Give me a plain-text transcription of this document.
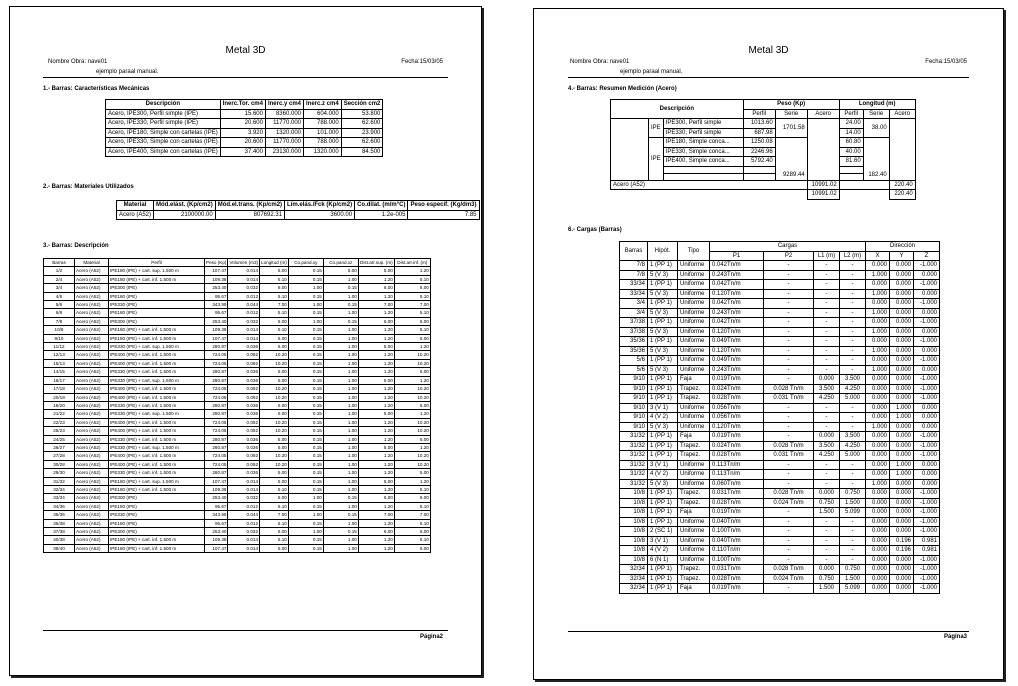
Metal 3D
Nombre Obra: nave01	Fecha:15/03/05
ejemplo paraal manual.
1.- Barras: Características Mecánicas
Descripción	Inerc.Tor. cm4	Inerc.y cm4	Inerc.z cm4	Sección cm2
Acero, IPE300, Perfil simple (IPE)	15.600	8360.000	604.000	53.800
Acero, IPE330, Perfil simple (IPE)	20.600	11770.000	788.000	62.600
Acero, IPE180, Simple con cartelas (IPE)	3.920	1320.000	101.000	23.900
Acero, IPE330, Simple con cartelas (IPE)	20.600	11770.000	788.000	62.600
Acero, IPE400, Simple con cartelas (IPE)	37.400	23130.000	1320.000	84.500
2.- Barras: Materiales Utilizados
Material	Mód.elást. (Kp/cm2)	Mód.el.trans. (Kp/cm2)	Lím.elás./Fck (Kp/cm2)	Co.dilat. (m/m°C)	Peso específ. (Kg/dm3)
Acero (A52)	2100000.00	807692.31	3600.00	1.2e-005	7.85
3.- Barras: Descripción
Barras	Material	Perfil	Peso (Kp)	Volumen (m3)	Longitud (m)	Co.pand.xy	Co.pand.xz	Dist.arr.sup. (m)	Dist.arr.inf. (m)
1/2	Acero (A52)	IPE180 (IPE) + cart. sup. 1.500 m	107.47	0.014	5.00	0.15	5.00	5.00	1.20
2/4	Acero (A52)	IPE180 (IPE) + cart. inf. 1.500 m	109.38	0.014	5.10	0.15	1.00	1.20	5.10
3/4	Acero (A52)	IPE300 (IPE)	253.40	0.032	6.00	1.00	0.15	6.00	6.00
4/6	Acero (A52)	IPE180 (IPE)	95.67	0.012	5.10	0.15	1.00	1.20	5.10
5/6	Acero (A52)	IPE330 (IPE)	343.99	0.044	7.00	1.00	0.15	7.00	7.00
6/8	Acero (A52)	IPE180 (IPE)	95.67	0.012	5.10	0.15	1.00	1.20	5.10
7/8	Acero (A52)	IPE300 (IPE)	253.40	0.032	6.00	1.00	0.15	6.00	6.00
10/8	Acero (A52)	IPE180 (IPE) + cart. inf. 1.500 m	109.38	0.014	5.10	0.15	1.00	1.20	5.10
9/10	Acero (A52)	IPE180 (IPE) + cart. inf. 1.500 m	107.47	0.014	5.00	0.15	1.00	1.20	5.00
11/12	Acero (A52)	IPE330 (IPE) + cart. sup. 1.500 m	280.87	0.036	5.00	0.15	1.00	5.00	1.20
12/13	Acero (A52)	IPE400 (IPE) + cart. inf. 1.500 m	724.05	0.092	10.20	0.15	1.00	1.20	10.20
15/13	Acero (A52)	IPE400 (IPE) + cart. inf. 1.500 m	724.05	0.092	10.20	0.15	1.00	1.20	10.20
14/15	Acero (A52)	IPE330 (IPE) + cart. inf. 1.500 m	280.87	0.036	5.00	0.15	1.00	1.20	5.00
16/17	Acero (A52)	IPE330 (IPE) + cart. sup. 1.500 m	280.87	0.036	5.00	0.15	1.00	5.00	1.20
17/18	Acero (A52)	IPE400 (IPE) + cart. inf. 1.500 m	724.05	0.092	10.20	0.15	1.00	1.20	10.20
20/18	Acero (A52)	IPE400 (IPE) + cart. inf. 1.500 m	724.05	0.092	10.20	0.15	1.00	1.20	10.20
19/20	Acero (A52)	IPE330 (IPE) + cart. inf. 1.500 m	280.87	0.036	5.00	0.15	1.00	1.20	5.00
21/22	Acero (A52)	IPE330 (IPE) + cart. sup. 1.500 m	280.87	0.036	5.00	0.15	1.00	5.00	1.20
22/23	Acero (A52)	IPE400 (IPE) + cart. inf. 1.500 m	724.05	0.092	10.20	0.15	1.00	1.20	10.20
25/23	Acero (A52)	IPE400 (IPE) + cart. inf. 1.500 m	724.05	0.092	10.20	0.15	1.00	1.20	10.20
24/25	Acero (A52)	IPE330 (IPE) + cart. inf. 1.500 m	280.87	0.036	5.00	0.15	1.00	1.20	5.00
26/27	Acero (A52)	IPE330 (IPE) + cart. sup. 1.500 m	280.87	0.036	5.00	0.15	1.00	5.00	1.20
27/28	Acero (A52)	IPE400 (IPE) + cart. inf. 1.500 m	724.05	0.092	10.20	0.15	1.00	1.20	10.20
30/28	Acero (A52)	IPE400 (IPE) + cart. inf. 1.500 m	724.05	0.092	10.20	0.15	1.00	1.20	10.20
29/30	Acero (A52)	IPE330 (IPE) + cart. inf. 1.500 m	280.87	0.036	5.00	0.15	1.00	1.20	5.00
31/32	Acero (A52)	IPE180 (IPE) + cart. sup. 1.500 m	107.47	0.014	5.00	0.15	1.00	5.00	1.20
32/34	Acero (A52)	IPE180 (IPE) + cart. inf. 1.500 m	109.38	0.014	5.10	0.15	1.00	1.20	5.10
33/34	Acero (A52)	IPE300 (IPE)	253.40	0.032	6.00	1.00	0.15	6.00	6.00
34/36	Acero (A52)	IPE180 (IPE)	95.67	0.012	5.10	0.15	1.00	1.20	5.10
35/36	Acero (A52)	IPE330 (IPE)	343.99	0.044	7.00	1.00	0.15	7.00	7.00
36/38	Acero (A52)	IPE180 (IPE)	95.67	0.012	5.10	0.15	1.00	1.20	5.10
37/38	Acero (A52)	IPE300 (IPE)	253.40	0.032	6.00	1.00	0.15	6.00	6.00
40/38	Acero (A52)	IPE180 (IPE) + cart. inf. 1.500 m	109.38	0.014	5.10	0.15	1.00	1.20	5.10
39/40	Acero (A52)	IPE180 (IPE) + cart. inf. 1.500 m	107.47	0.014	5.00	0.15	1.00	1.20	5.00
Página2
Metal 3D
Nombre Obra: nave01	Fecha:15/03/05
ejemplo paraal manual.
4.- Barras: Resumen Medición (Acero)
Descripción			Peso (Kp)			Longitud (m)		
			Perfil	Serie	Acero	Perfil	Serie	Acero
	IPE	IPE300, Perfil simple	1013.60	1701.58		24.00	38.00	
		IPE330, Perfil simple	687.98			14.00		
	IPE	IPE180, Simple conca...	1250.08	9289.44		60.80	182.40	
		IPE330, Simple conca...	2246.96			40.00		
		IPE400, Simple conca...	5792.40			81.60		

Acero (A52)					10991.02			220.40
					10991.02			220.40
6.- Cargas (Barras)
Barras	Hipót.	Tipo	Cargas				Dirección		
			P1	P2	L1 (m)	L2 (m)	X	Y	Z
7/8	1 (PP 1)	Uniforme	0.042Tn/m	-	-	-	0.000	0.000	-1.000
7/8	5 (V 3)	Uniforme	0.243Tn/m	-	-	-	1.000	0.000	0.000
33/34	1 (PP 1)	Uniforme	0.042Tn/m	-	-	-	0.000	0.000	-1.000
33/34	5 (V 3)	Uniforme	0.120Tn/m	-	-	-	1.000	0.000	0.000
3/4	1 (PP 1)	Uniforme	0.042Tn/m	-	-	-	0.000	0.000	-1.000
3/4	5 (V 3)	Uniforme	0.243Tn/m	-	-	-	1.000	0.000	0.000
37/38	1 (PP 1)	Uniforme	0.042Tn/m	-	-	-	0.000	0.000	-1.000
37/38	5 (V 3)	Uniforme	0.120Tn/m	-	-	-	1.000	0.000	0.000
35/36	1 (PP 1)	Uniforme	0.049Tn/m	-	-	-	0.000	0.000	-1.000
35/36	5 (V 3)	Uniforme	0.120Tn/m	-	-	-	1.000	0.000	0.000
5/6	1 (PP 1)	Uniforme	0.049Tn/m	-	-	-	0.000	0.000	-1.000
5/6	5 (V 3)	Uniforme	0.243Tn/m	-	-	-	1.000	0.000	0.000
9/10	1 (PP 1)	Faja	0.019Tn/m	-	0.000	3.500	0.000	0.000	-1.000
9/10	1 (PP 1)	Trapez.	0.024Tn/m	0.028 Tn/m	3.500	4.250	0.000	0.000	-1.000
9/10	1 (PP 1)	Trapez.	0.028Tn/m	0.031 Tn/m	4.250	5.000	0.000	0.000	-1.000
9/10	3 (V 1)	Uniforme	0.056Tn/m	-	-	-	0.000	1.000	0.000
9/10	4 (V 2)	Uniforme	0.056Tn/m	-	-	-	0.000	1.000	0.000
9/10	5 (V 3)	Uniforme	0.120Tn/m	-	-	-	1.000	0.000	0.000
31/32	1 (PP 1)	Faja	0.019Tn/m	-	0.000	3.500	0.000	0.000	-1.000
31/32	1 (PP 1)	Trapez.	0.024Tn/m	0.028 Tn/m	3.500	4.250	0.000	0.000	-1.000
31/32	1 (PP 1)	Trapez.	0.028Tn/m	0.031 Tn/m	4.250	5.000	0.000	0.000	-1.000
31/32	3 (V 1)	Uniforme	0.113Tn/m	-	-	-	0.000	1.000	0.000
31/32	4 (V 2)	Uniforme	0.113Tn/m	-	-	-	0.000	1.000	0.000
31/32	5 (V 3)	Uniforme	0.060Tn/m	-	-	-	1.000	0.000	0.000
10/8	1 (PP 1)	Trapez.	0.031Tn/m	0.028 Tn/m	0.000	0.750	0.000	0.000	-1.000
10/8	1 (PP 1)	Trapez.	0.028Tn/m	0.024 Tn/m	0.750	1.500	0.000	0.000	-1.000
10/8	1 (PP 1)	Faja	0.019Tn/m	-	1.500	5.099	0.000	0.000	-1.000
10/8	1 (PP 1)	Uniforme	0.040Tn/m	-	-	-	0.000	0.000	-1.000
10/8	2 (SC 1)	Uniforme	0.100Tn/m	-	-	-	0.000	0.000	-1.000
10/8	3 (V 1)	Uniforme	0.040Tn/m	-	-	-	0.000	0.196	0.981
10/8	4 (V 2)	Uniforme	0.110Tn/m	-	-	-	0.000	0.196	0.981
10/8	6 (N 1)	Uniforme	0.100Tn/m	-	-	-	0.000	0.000	-1.000
32/34	1 (PP 1)	Trapez.	0.031Tn/m	0.028 Tn/m	0.000	0.750	0.000	0.000	-1.000
32/34	1 (PP 1)	Trapez.	0.028Tn/m	0.024 Tn/m	0.750	1.500	0.000	0.000	-1.000
32/34	1 (PP 1)	Faja	0.019Tn/m	-	1.500	5.099	0.000	0.000	-1.000
Página3
